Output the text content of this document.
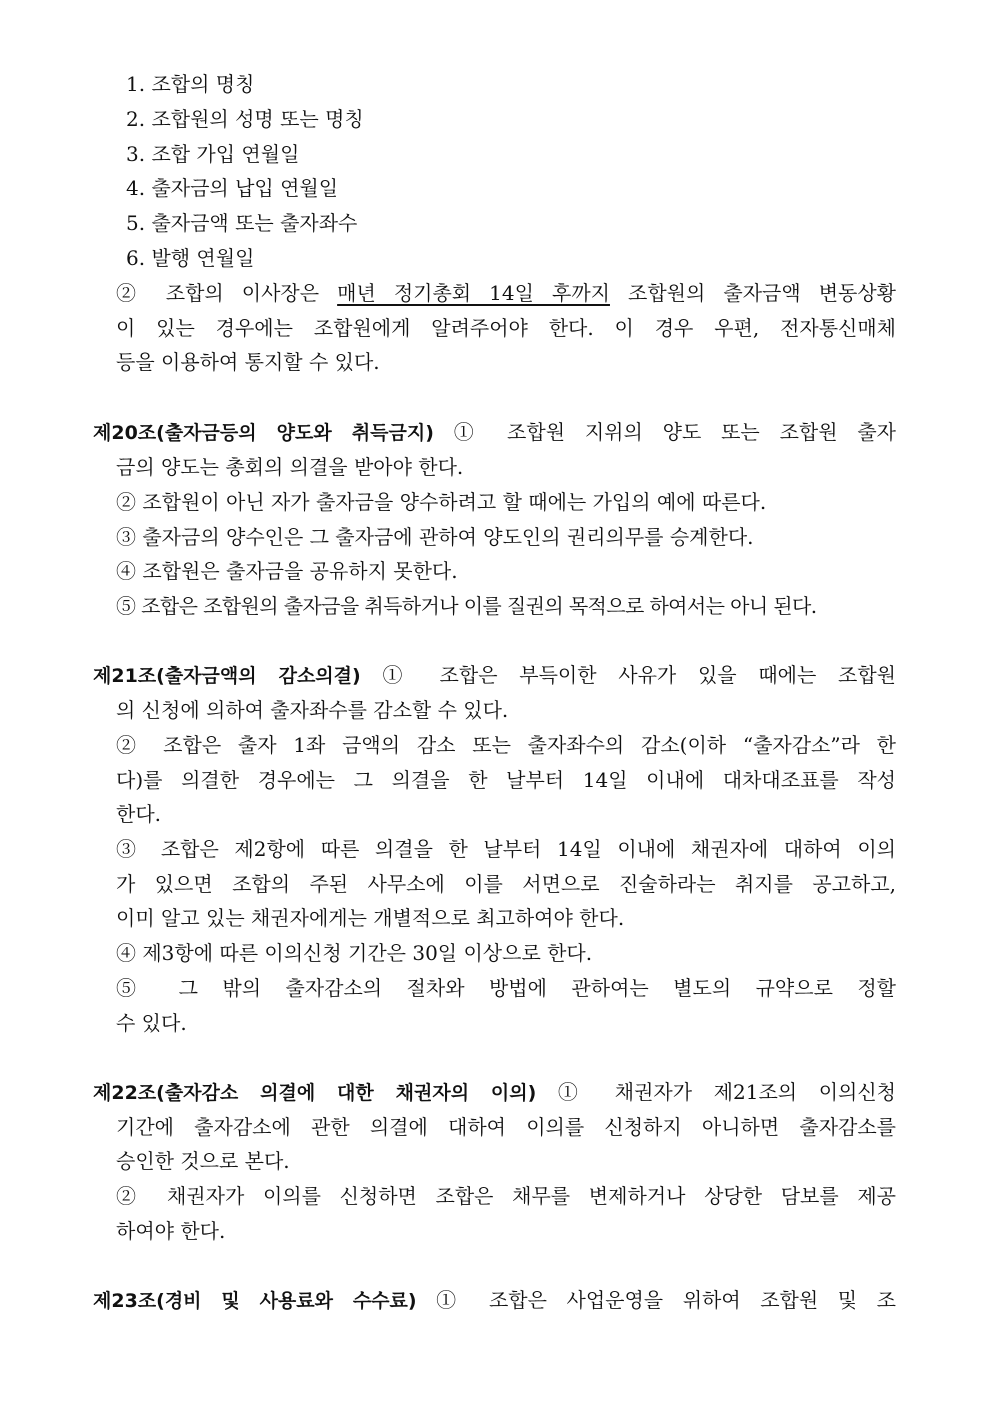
1. 조합의 명칭
2. 조합원의 성명 또는 명칭
3. 조합 가입 연월일
4. 출자금의 납입 연월일
5. 출자금액 또는 출자좌수
6. 발행 연월일
② 조합의 이사장은 매년 정기총회 14일 후까지 조합원의 출자금액 변동상황
이 있는 경우에는 조합원에게 알려주어야 한다. 이 경우 우편, 전자통신매체
등을 이용하여 통지할 수 있다.
제20조(출자금등의 양도와 취득금지) ① 조합원 지위의 양도 또는 조합원 출자
금의 양도는 총회의 의결을 받아야 한다.
② 조합원이 아닌 자가 출자금을 양수하려고 할 때에는 가입의 예에 따른다.
③ 출자금의 양수인은 그 출자금에 관하여 양도인의 권리의무를 승계한다.
④ 조합원은 출자금을 공유하지 못한다.
⑤ 조합은 조합원의 출자금을 취득하거나 이를 질권의 목적으로 하여서는 아니 된다.
제21조(출자금액의 감소의결) ① 조합은 부득이한 사유가 있을 때에는 조합원
의 신청에 의하여 출자좌수를 감소할 수 있다.
② 조합은 출자 1좌 금액의 감소 또는 출자좌수의 감소(이하 “출자감소”라 한
다)를 의결한 경우에는 그 의결을 한 날부터 14일 이내에 대차대조표를 작성
한다.
③ 조합은 제2항에 따른 의결을 한 날부터 14일 이내에 채권자에 대하여 이의
가 있으면 조합의 주된 사무소에 이를 서면으로 진술하라는 취지를 공고하고,
이미 알고 있는 채권자에게는 개별적으로 최고하여야 한다.
④ 제3항에 따른 이의신청 기간은 30일 이상으로 한다.
⑤ 그 밖의 출자감소의 절차와 방법에 관하여는 별도의 규약으로 정할
수 있다.
제22조(출자감소 의결에 대한 채권자의 이의) ① 채권자가 제21조의 이의신청
기간에 출자감소에 관한 의결에 대하여 이의를 신청하지 아니하면 출자감소를
승인한 것으로 본다.
② 채권자가 이의를 신청하면 조합은 채무를 변제하거나 상당한 담보를 제공
하여야 한다.
제23조(경비 및 사용료와 수수료) ① 조합은 사업운영을 위하여 조합원 및 조
